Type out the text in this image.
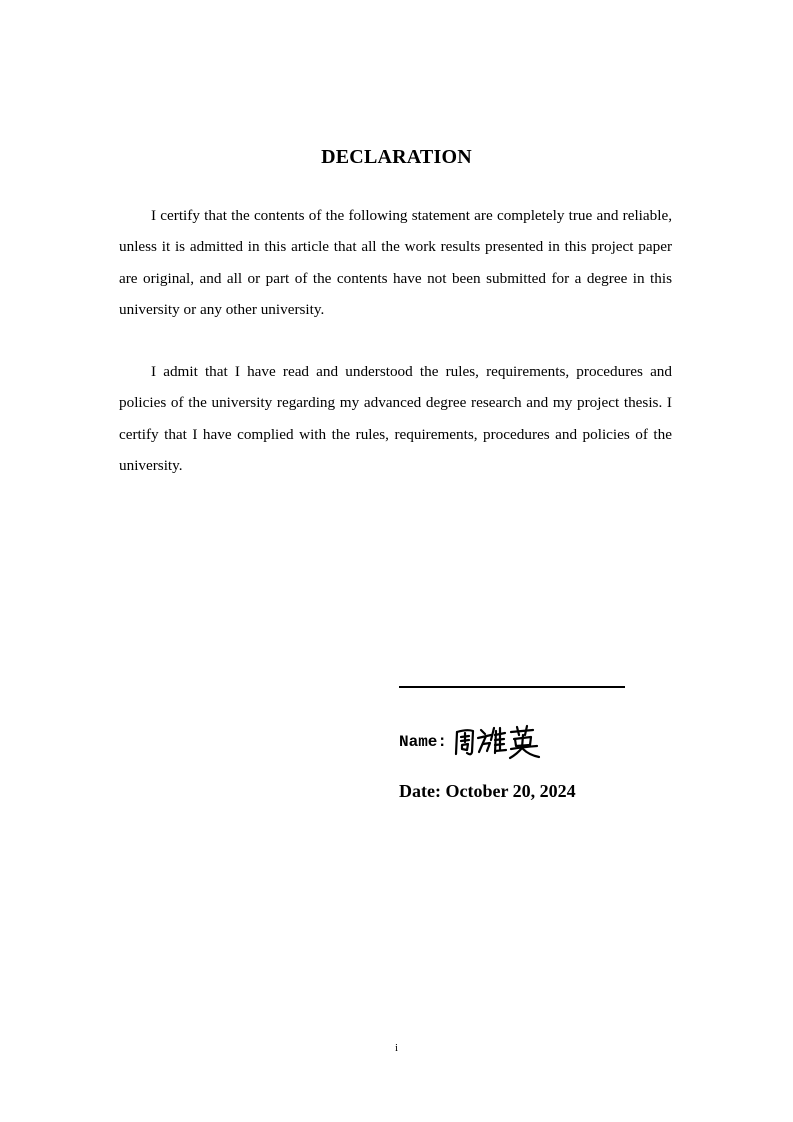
DECLARATION

I certify that the contents of the following statement are completely true and reliable, unless it is admitted in this article that all the work results presented in this project paper are original, and all or part of the contents have not been submitted for a degree in this university or any other university.

I admit that I have read and understood the rules, requirements, procedures and policies of the university regarding my advanced degree research and my project thesis. I certify that I have complied with the rules, requirements, procedures and policies of the university.

Name:
Date: October 20, 2024
i
